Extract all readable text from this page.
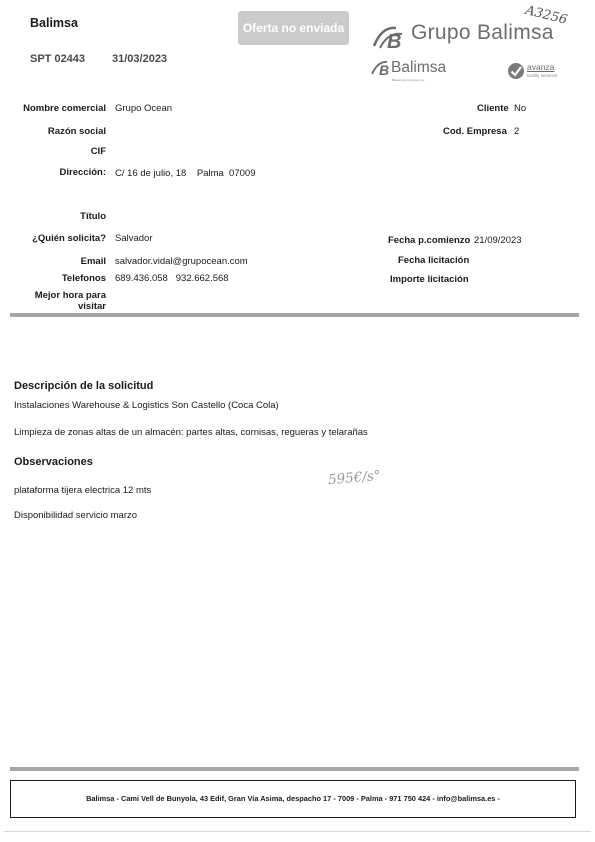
Balimsa
SPT 02443 31/03/2023
Oferta no enviada
A3256
B Grupo Balimsa
B Balimsa
Balears de Limpieza s.a.
avanza
facility services
Nombre comercial Grupo Ocean
Razón social
CIF
Dirección: C/ 16 de julio, 18    Palma  07009
Título
¿Quién solicita? Salvador
Email salvador.vidal@grupocean.com
Telefonos 689.436.058   932.662.568
Mejor hora para
visitar
Cliente No
Cod. Empresa 2
Fecha p.comienzo 21/09/2023
Fecha licitación
Importe licitación
Descripción de la solicitud
Instalaciones Warehouse & Logistics Son Castello (Coca Cola)
Limpieza de zonas altas de un almacén: partes altas, cornisas, regueras y telarañas
Observaciones
595€/s°
plataforma tijera electrica 12 mts
Disponibilidad servicio marzo
Balimsa - Cami Vell de Bunyola, 43 Edif, Gran Via Asima, despacho 17 - 7009 - Palma - 971 750 424 - info@balimsa.es -
